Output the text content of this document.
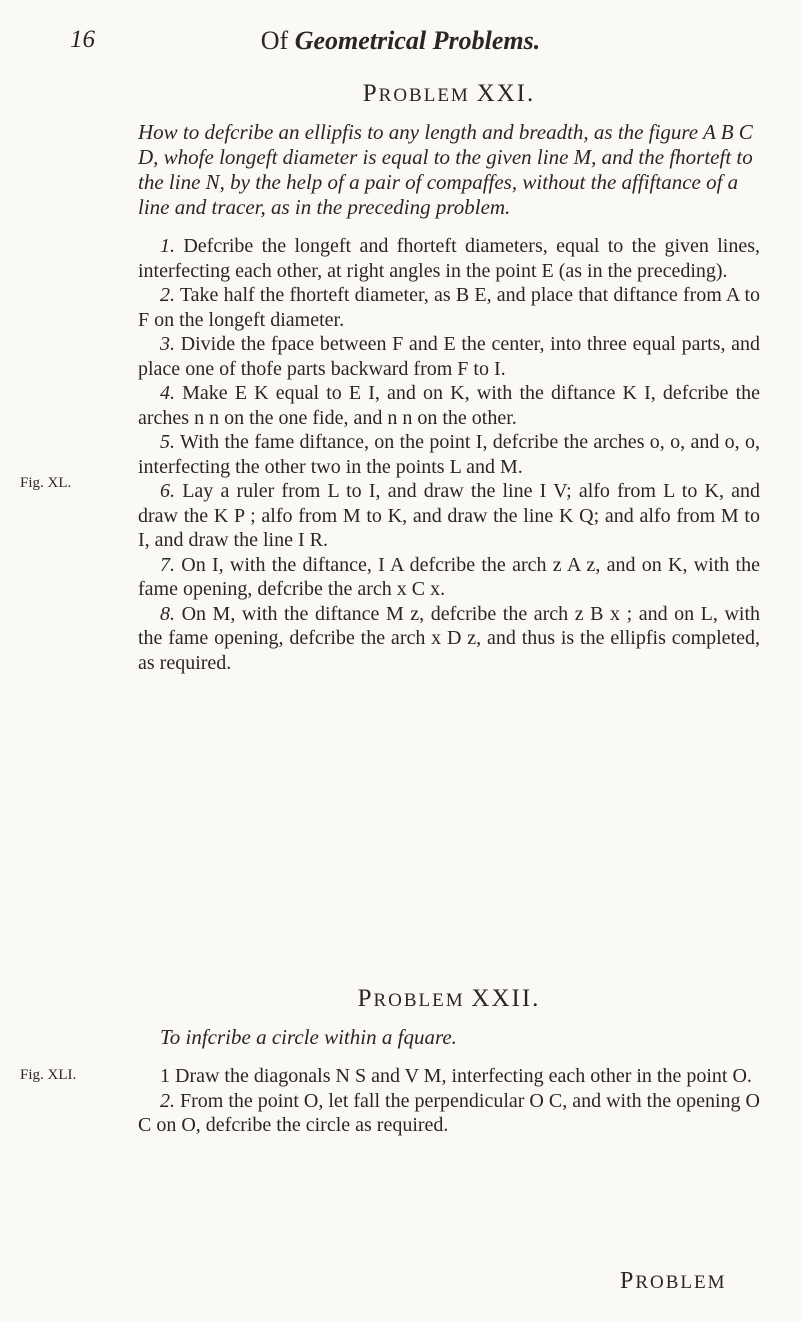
16	Of Geometrical Problems.

PROBLEM XXI.

How to defcribe an ellipfis to any length and breadth, as the figure A B C D, whofe longeft diameter is equal to the given line M, and the fhorteft to the line N, by the help of a pair of compaffes, without the affiftance of a line and tracer, as in the preceding problem.

1. Defcribe the longeft and fhorteft diameters, equal to the given lines, interfecting each other, at right angles in the point E (as in the preceding).

2. Take half the fhorteft diameter, as B E, and place that diftance from A to F on the longeft diameter.

3. Divide the fpace between F and E the center, into three equal parts, and place one of thofe parts backward from F to I.

4. Make E K equal to E I, and on K, with the diftance K I, defcribe the arches n n on the one fide, and n n on the other.

5. With the fame diftance, on the point I, defcribe the arches o, o, and o, o, interfecting the other two in the points L and M.

6. Lay a ruler from L to I, and draw the line I V; alfo from L to K, and draw the K P ; alfo from M to K, and draw the line K Q; and alfo from M to I, and draw the line I R.

7. On I, with the diftance, I A defcribe the arch z A z, and on K, with the fame opening, defcribe the arch x C x.

8. On M, with the diftance M z, defcribe the arch z B x ; and on L, with the fame opening, defcribe the arch x D z, and thus is the ellipfis completed, as required.

Fig. XL.

PROBLEM XXII.

To infcribe a circle within a fquare.

1 Draw the diagonals N S and V M, interfecting each other in the point O.

2. From the point O, let fall the perpendicular O C, and with the opening O C on O, defcribe the circle as required.

Fig. XLI.
PROBLEM
